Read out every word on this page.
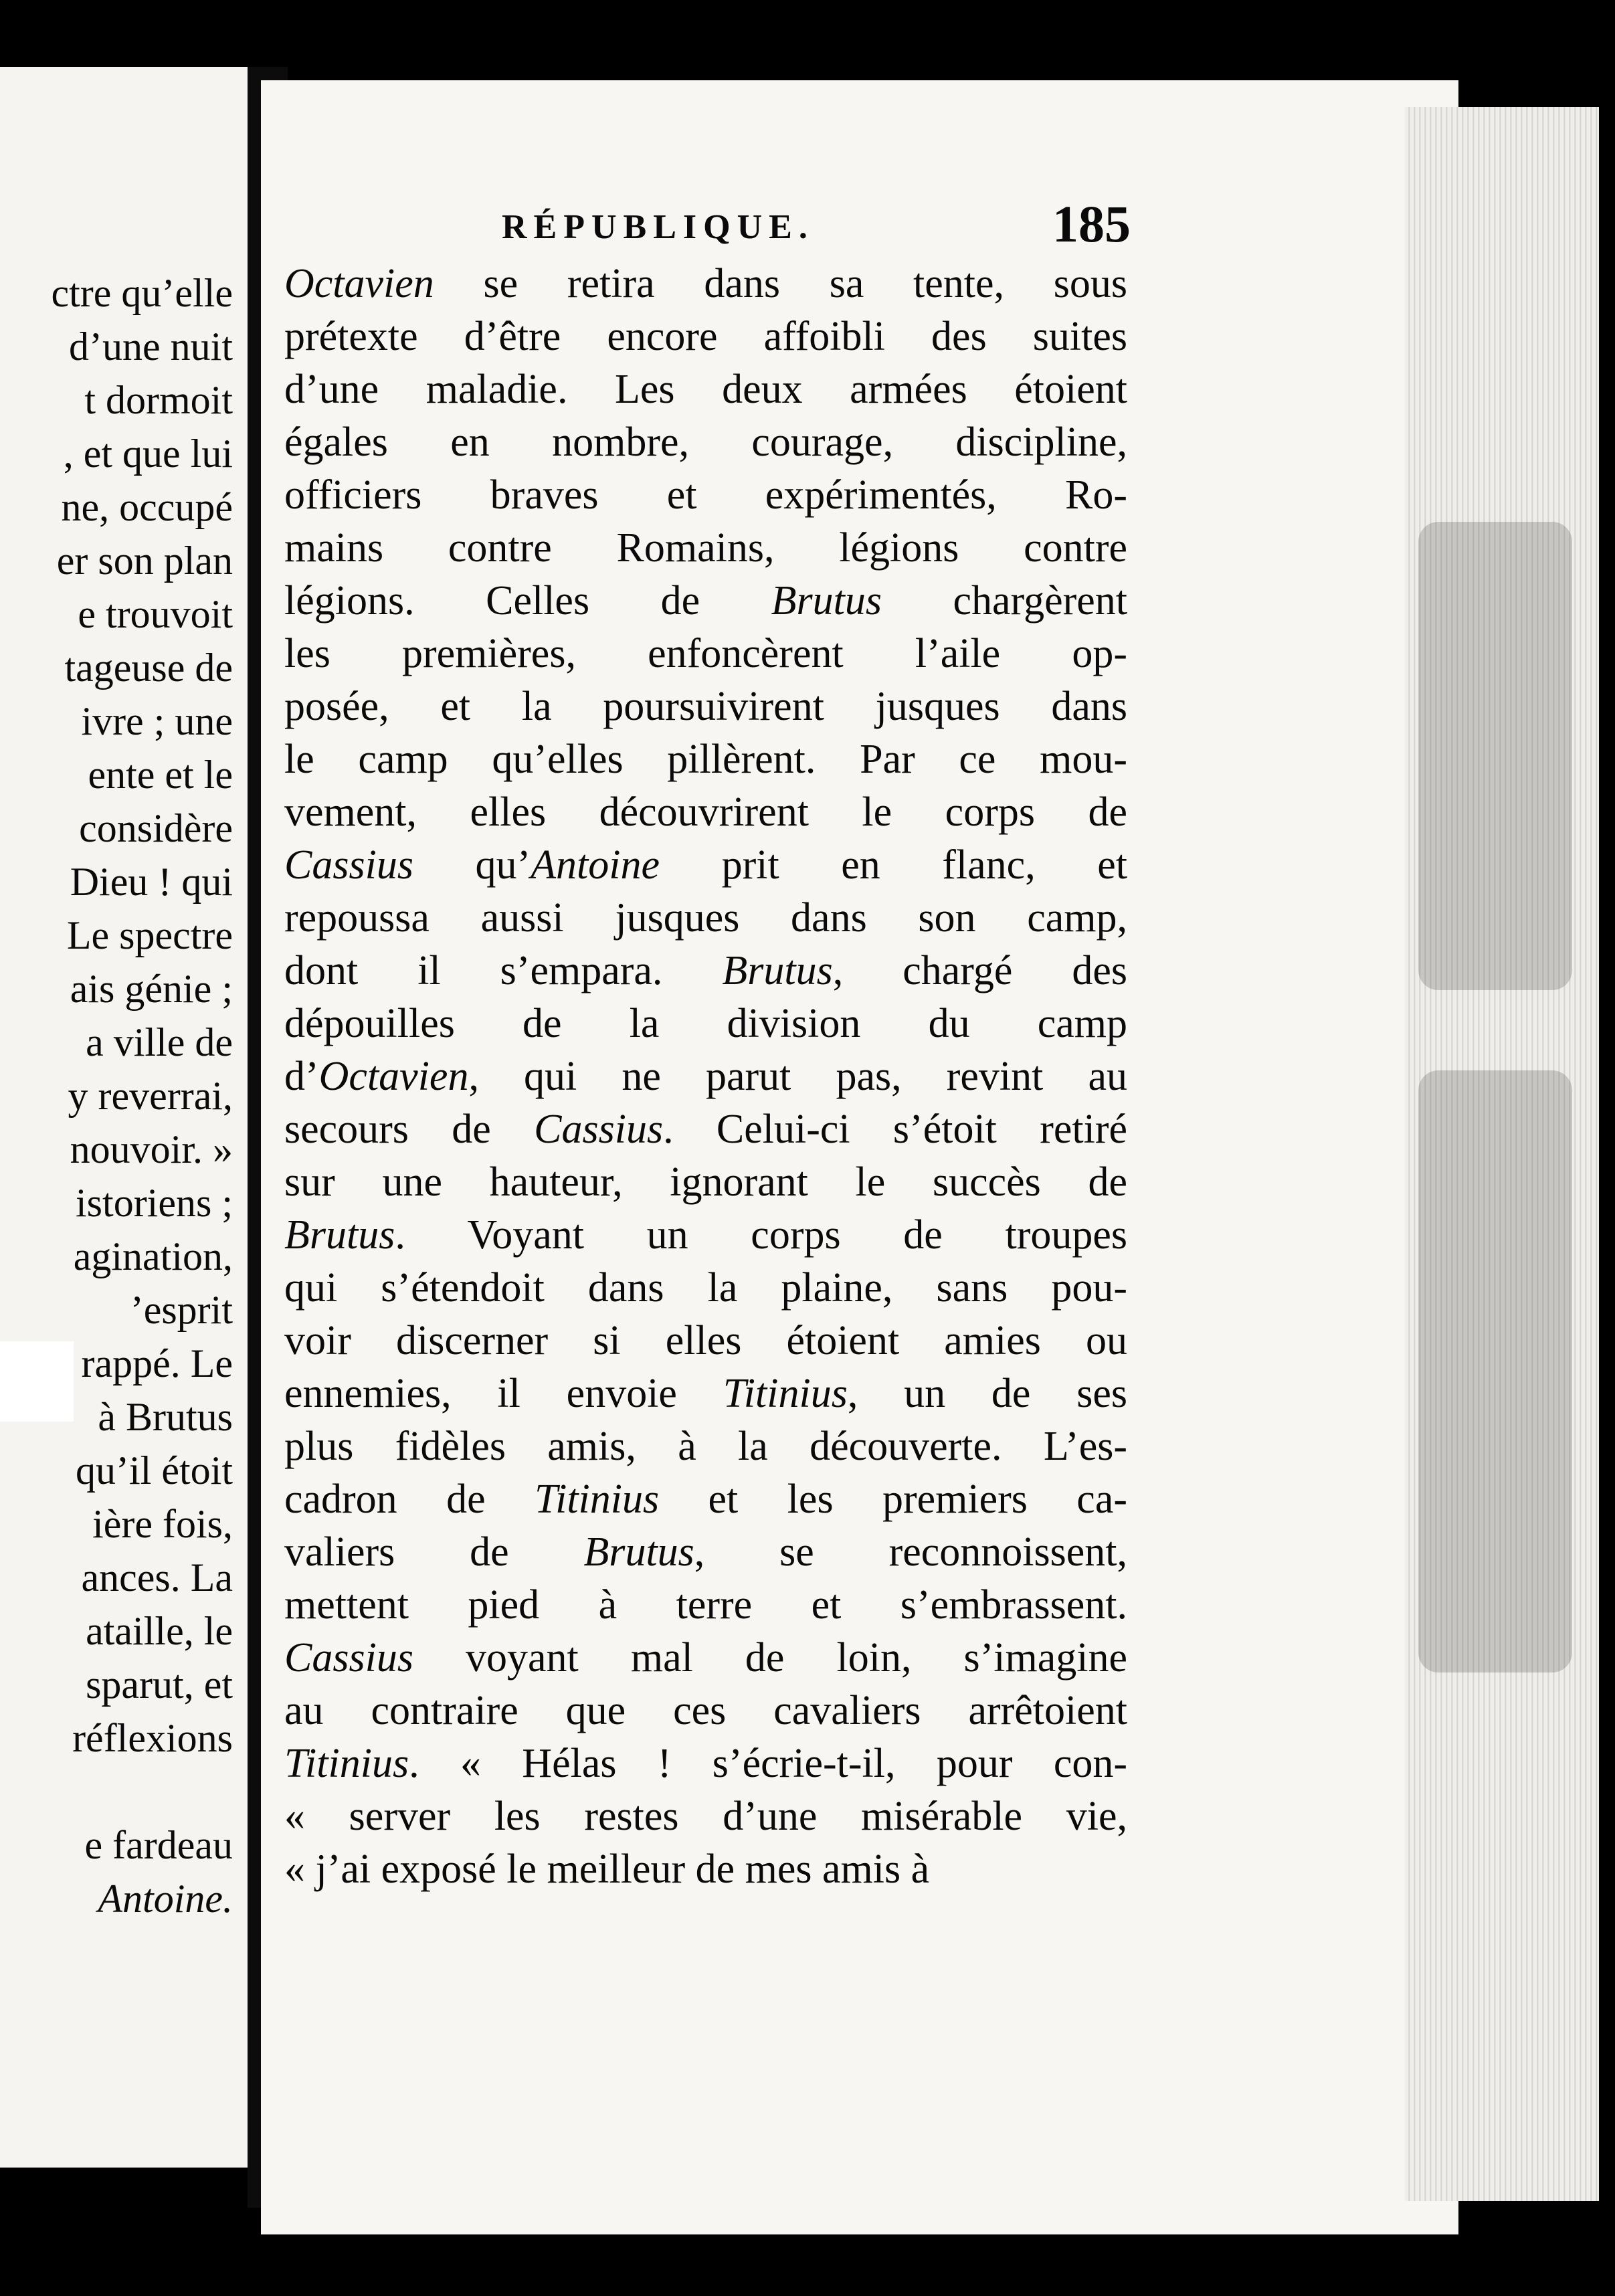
ctre qu’elle
d’une nuit
t dormoit
, et que lui
ne, occupé
er son plan
e trouvoit
tageuse de
ivre ; une
ente et le
considère
Dieu ! qui
Le spectre
ais génie ;
a ville de
y reverrai,
nouvoir. »
istoriens ;
agination,
’esprit
rappé. Le
à Brutus
qu’il étoit
ière fois,
ances. La
ataille, le
sparut, et
réflexions
e fardeau
Antoine.
RÉPUBLIQUE.	185
Octavien se retira dans sa tente, sous
prétexte d’être encore affoibli des suites
d’une maladie. Les deux armées étoient
égales en nombre, courage, discipline,
officiers braves et expérimentés, Ro-
mains contre Romains, légions contre
légions. Celles de Brutus chargèrent
les premières, enfoncèrent l’aile op-
posée, et la poursuivirent jusques dans
le camp qu’elles pillèrent. Par ce mou-
vement, elles découvrirent le corps de
Cassius qu’Antoine prit en flanc, et
repoussa aussi jusques dans son camp,
dont il s’empara. Brutus, chargé des
dépouilles de la division du camp
d’Octavien, qui ne parut pas, revint au
secours de Cassius. Celui-ci s’étoit retiré
sur une hauteur, ignorant le succès de
Brutus. Voyant un corps de troupes
qui s’étendoit dans la plaine, sans pou-
voir discerner si elles étoient amies ou
ennemies, il envoie Titinius, un de ses
plus fidèles amis, à la découverte. L’es-
cadron de Titinius et les premiers ca-
valiers de Brutus, se reconnoissent,
mettent pied à terre et s’embrassent.
Cassius voyant mal de loin, s’imagine
au contraire que ces cavaliers arrêtoient
Titinius. « Hélas ! s’écrie-t-il, pour con-
« server les restes d’une misérable vie,
« j’ai exposé le meilleur de mes amis à
